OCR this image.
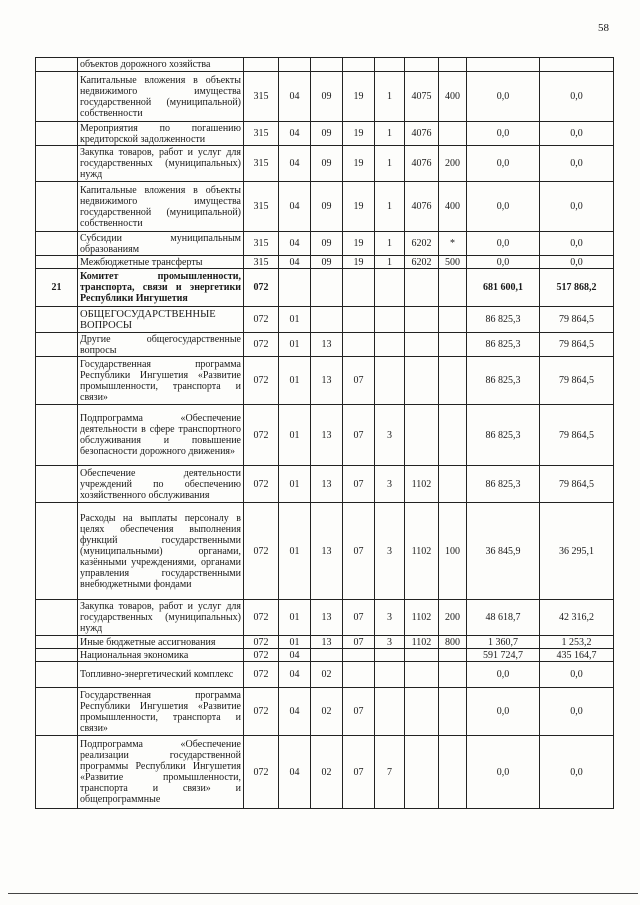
58
	объектов дорожного хозяйства									
	Капитальные вложения в объекты недвижимого имущества государственной (муниципальной) собственности	315	04	09	19	1	4075	400	0,0	0,0
	Мероприятия по погашению кредиторской задолженности	315	04	09	19	1	4076		0,0	0,0
	Закупка товаров, работ и услуг для государственных (муниципальных) нужд	315	04	09	19	1	4076	200	0,0	0,0
	Капитальные вложения в объекты недвижимого имущества государственной (муниципальной) собственности	315	04	09	19	1	4076	400	0,0	0,0
	Субсидии муниципальным образованиям	315	04	09	19	1	6202	*	0,0	0,0
	Межбюджетные трансферты	315	04	09	19	1	6202	500	0,0	0,0
21	Комитет промышленности, транспорта, связи и энергетики Республики Ингушетия	072							681 600,1	517 868,2
	ОБЩЕГОСУДАРСТВЕННЫЕ ВОПРОСЫ	072	01						86 825,3	79 864,5
	Другие общегосударственные вопросы	072	01	13					86 825,3	79 864,5
	Государственная программа Республики Ингушетия «Развитие промышленности, транспорта и связи»	072	01	13	07				86 825,3	79 864,5
	Подпрограмма «Обеспечение деятельности в сфере транспортного обслуживания и повышение безопасности дорожного движения»	072	01	13	07	3			86 825,3	79 864,5
	Обеспечение деятельности учреждений по обеспечению хозяйственного обслуживания	072	01	13	07	3	1102		86 825,3	79 864,5
	Расходы на выплаты персоналу в целях обеспечения выполнения функций государственными (муниципальными) органами, казёнными учреждениями, органами управления государственными внебюджетными фондами	072	01	13	07	3	1102	100	36 845,9	36 295,1
	Закупка товаров, работ и услуг для государственных (муниципальных) нужд	072	01	13	07	3	1102	200	48 618,7	42 316,2
	Иные бюджетные ассигнования	072	01	13	07	3	1102	800	1 360,7	1 253,2
	Национальная экономика	072	04						591 724,7	435 164,7
	Топливно-энергетический комплекс	072	04	02					0,0	0,0
	Государственная программа Республики Ингушетия «Развитие промышленности, транспорта и связи»	072	04	02	07				0,0	0,0
	Подпрограмма «Обеспечение реализации государственной программы Республики Ингушетия «Развитие промышленности, транспорта и связи» и общепрограммные	072	04	02	07	7			0,0	0,0
